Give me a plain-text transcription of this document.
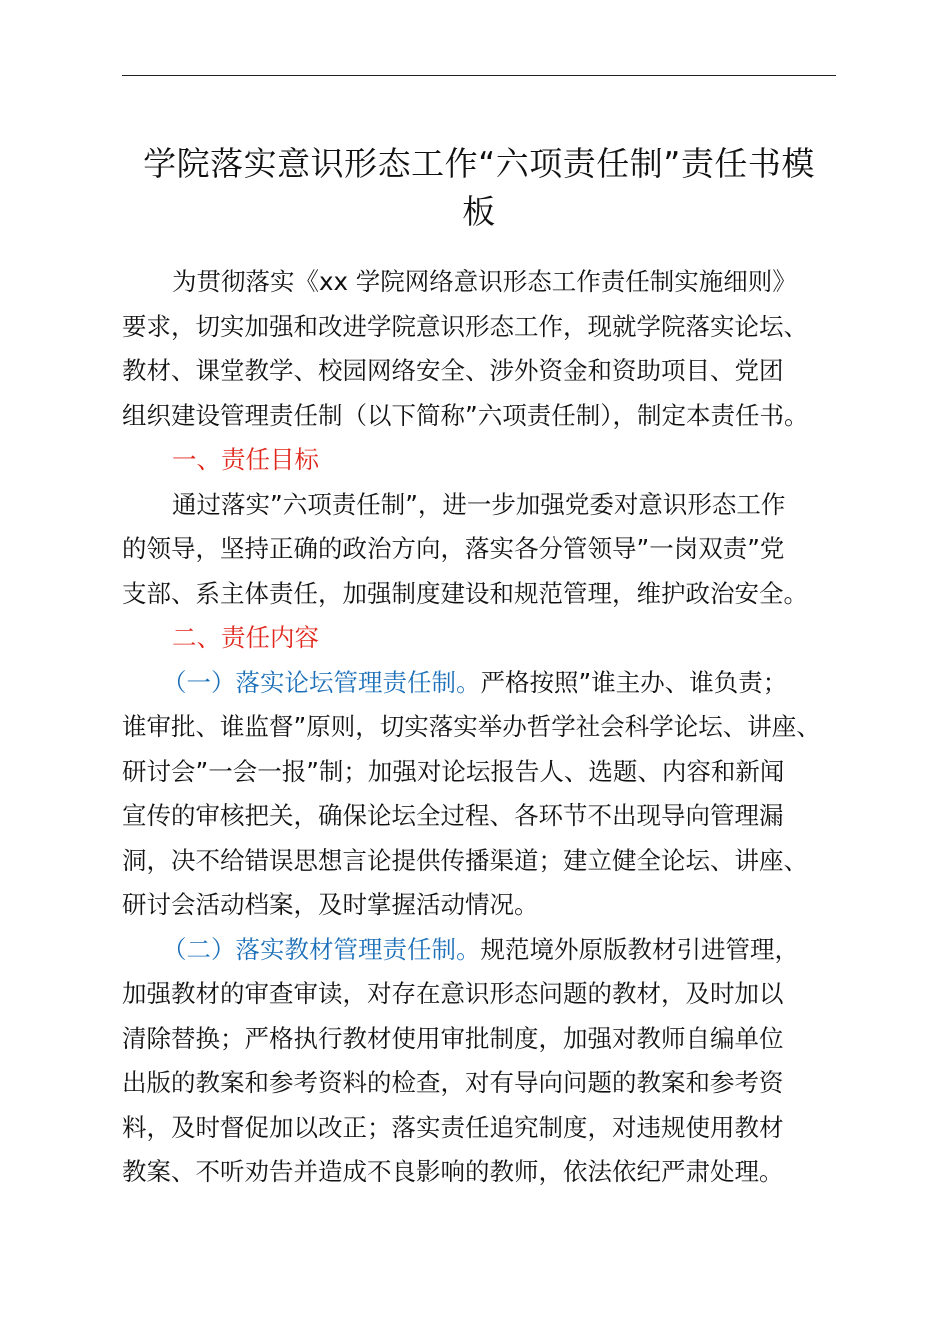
学院落实意识形态工作“六项责任制”责任书模
板
为贯彻落实《xx 学院网络意识形态工作责任制实施细则》
要求，切实加强和改进学院意识形态工作，现就学院落实论坛、
教材、课堂教学、校园网络安全、涉外资金和资助项目、党团
组织建设管理责任制（以下简称”六项责任制），制定本责任书。
一、责任目标
通过落实”六项责任制”，进一步加强党委对意识形态工作
的领导，坚持正确的政治方向，落实各分管领导”一岗双责”党
支部、系主体责任，加强制度建设和规范管理，维护政治安全。
二、责任内容
（一）落实论坛管理责任制。严格按照”谁主办、谁负责；
谁审批、谁监督”原则，切实落实举办哲学社会科学论坛、讲座、
研讨会”一会一报”制；加强对论坛报告人、选题、内容和新闻
宣传的审核把关，确保论坛全过程、各环节不出现导向管理漏
洞，决不给错误思想言论提供传播渠道；建立健全论坛、讲座、
研讨会活动档案，及时掌握活动情况。
（二）落实教材管理责任制。规范境外原版教材引进管理，
加强教材的审查审读，对存在意识形态问题的教材，及时加以
清除替换；严格执行教材使用审批制度，加强对教师自编单位
出版的教案和参考资料的检查，对有导向问题的教案和参考资
料，及时督促加以改正；落实责任追究制度，对违规使用教材
教案、不听劝告并造成不良影响的教师，依法依纪严肃处理。
